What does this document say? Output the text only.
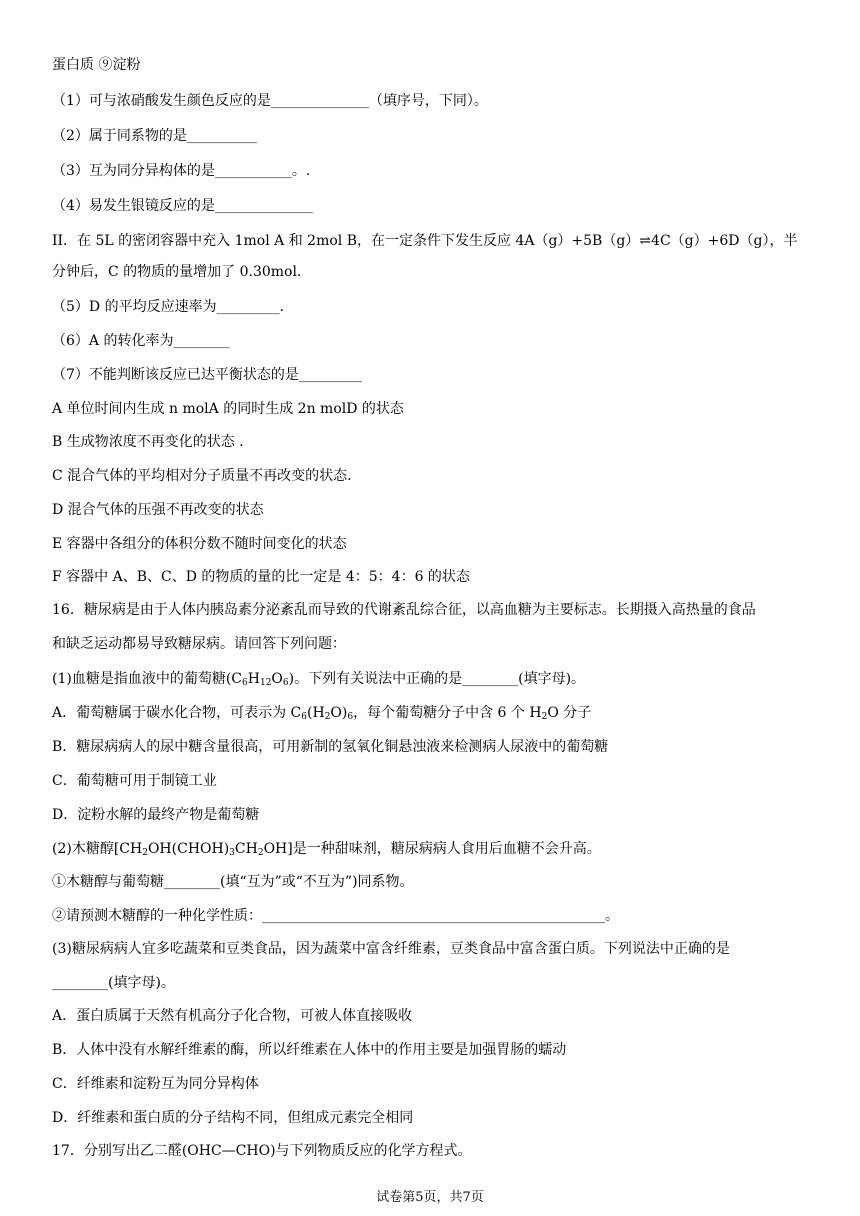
蛋白质 ⑨淀粉
（1）可与浓硝酸发生颜色反应的是______________（填序号，下同）。
（2）属于同系物的是__________
（3）互为同分异构体的是___________。.
（4）易发生银镜反应的是______________
II．在 5L 的密闭容器中充入 1mol A 和 2mol B，在一定条件下发生反应 4A（g）+5B（g）⇌4C（g）+6D（g），半
分钟后，C 的物质的量增加了 0.30mol．
（5）D 的平均反应速率为_________．
（6）A 的转化率为________
（7）不能判断该反应已达平衡状态的是_________
A 单位时间内生成 n molA 的同时生成 2n molD 的状态
B 生成物浓度不再变化的状态 ．
C 混合气体的平均相对分子质量不再改变的状态.
D 混合气体的压强不再改变的状态
E 容器中各组分的体积分数不随时间变化的状态
F 容器中 A、B、C、D 的物质的量的比一定是 4：5：4：6 的状态
16．糖尿病是由于人体内胰岛素分泌紊乱而导致的代谢紊乱综合征，以高血糖为主要标志。长期摄入高热量的食品
和缺乏运动都易导致糖尿病。请回答下列问题：
(1)血糖是指血液中的葡萄糖$(C_6H_{12}O_6)$。下列有关说法中正确的是________(填字母)。
A．葡萄糖属于碳水化合物，可表示为 $C_6(H_2O)_6$，每个葡萄糖分子中含 6 个 $H_2O$ 分子
B．糖尿病病人的尿中糖含量很高，可用新制的氢氧化铜悬浊液来检测病人尿液中的葡萄糖
C．葡萄糖可用于制镜工业
D．淀粉水解的最终产物是葡萄糖
(2)木糖醇$[CH_2OH(CHOH)_3CH_2OH]$是一种甜味剂，糖尿病病人食用后血糖不会升高。
①木糖醇与葡萄糖________(填“互为”或“不互为”)同系物。
②请预测木糖醇的一种化学性质：_________________________________________________。
(3)糖尿病病人宜多吃蔬菜和豆类食品，因为蔬菜中富含纤维素，豆类食品中富含蛋白质。下列说法中正确的是
________(填字母)。
A．蛋白质属于天然有机高分子化合物，可被人体直接吸收
B．人体中没有水解纤维素的酶，所以纤维素在人体中的作用主要是加强胃肠的蠕动
C．纤维素和淀粉互为同分异构体
D．纤维素和蛋白质的分子结构不同，但组成元素完全相同
17．分别写出乙二醛(OHC—CHO)与下列物质反应的化学方程式。
试卷第5页，共7页
